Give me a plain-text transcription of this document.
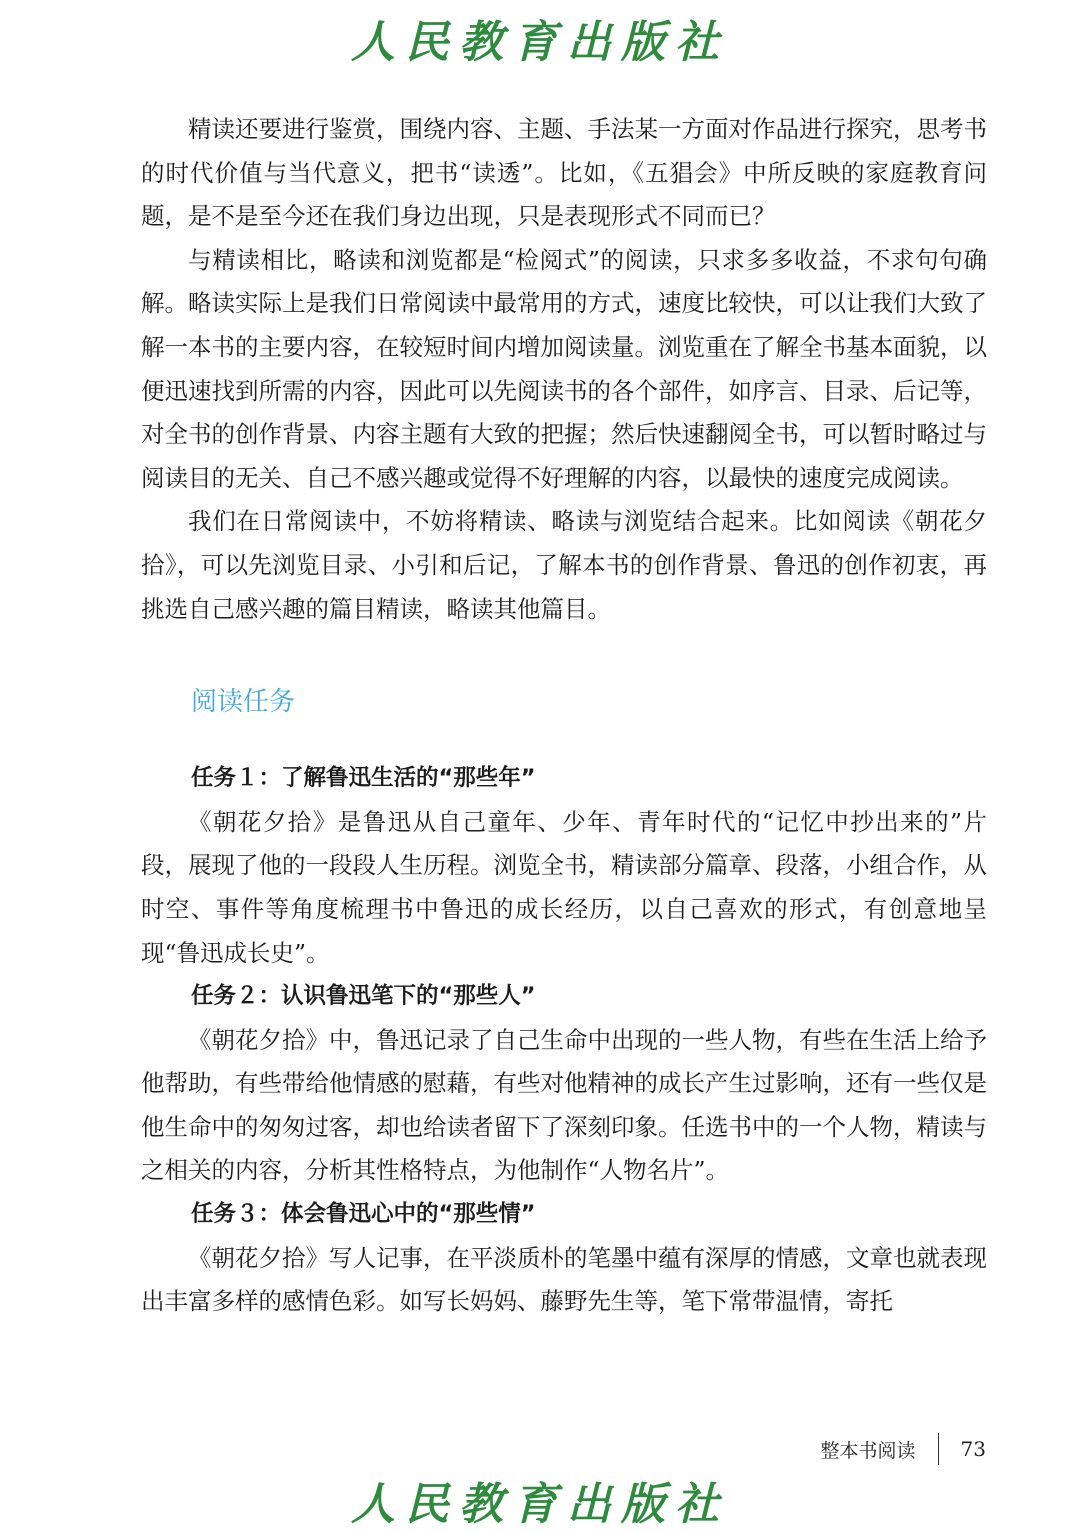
人民教育出版社

精读还要进行鉴赏，围绕内容、主题、手法某一方面对作品进行探究，思考书的时代价值与当代意义，把书“读透”。比如，《五猖会》中所反映的家庭教育问题，是不是至今还在我们身边出现，只是表现形式不同而已？

与精读相比，略读和浏览都是“检阅式”的阅读，只求多多收益，不求句句确解。略读实际上是我们日常阅读中最常用的方式，速度比较快，可以让我们大致了解一本书的主要内容，在较短时间内增加阅读量。浏览重在了解全书基本面貌，以便迅速找到所需的内容，因此可以先阅读书的各个部件，如序言、目录、后记等，对全书的创作背景、内容主题有大致的把握；然后快速翻阅全书，可以暂时略过与阅读目的无关、自己不感兴趣或觉得不好理解的内容，以最快的速度完成阅读。

我们在日常阅读中，不妨将精读、略读与浏览结合起来。比如阅读《朝花夕拾》，可以先浏览目录、小引和后记，了解本书的创作背景、鲁迅的创作初衷，再挑选自己感兴趣的篇目精读，略读其他篇目。

阅读任务

任务１：了解鲁迅生活的“那些年”

《朝花夕拾》是鲁迅从自己童年、少年、青年时代的“记忆中抄出来的”片段，展现了他的一段段人生历程。浏览全书，精读部分篇章、段落，小组合作，从时空、事件等角度梳理书中鲁迅的成长经历，以自己喜欢的形式，有创意地呈现“鲁迅成长史”。

任务２：认识鲁迅笔下的“那些人”

《朝花夕拾》中，鲁迅记录了自己生命中出现的一些人物，有些在生活上给予他帮助，有些带给他情感的慰藉，有些对他精神的成长产生过影响，还有一些仅是他生命中的匆匆过客，却也给读者留下了深刻印象。任选书中的一个人物，精读与之相关的内容，分析其性格特点，为他制作“人物名片”。

任务３：体会鲁迅心中的“那些情”

《朝花夕拾》写人记事，在平淡质朴的笔墨中蕴有深厚的情感，文章也就表现出丰富多样的感情色彩。如写长妈妈、藤野先生等，笔下常带温情，寄托

整本书阅读 73
人民教育出版社
